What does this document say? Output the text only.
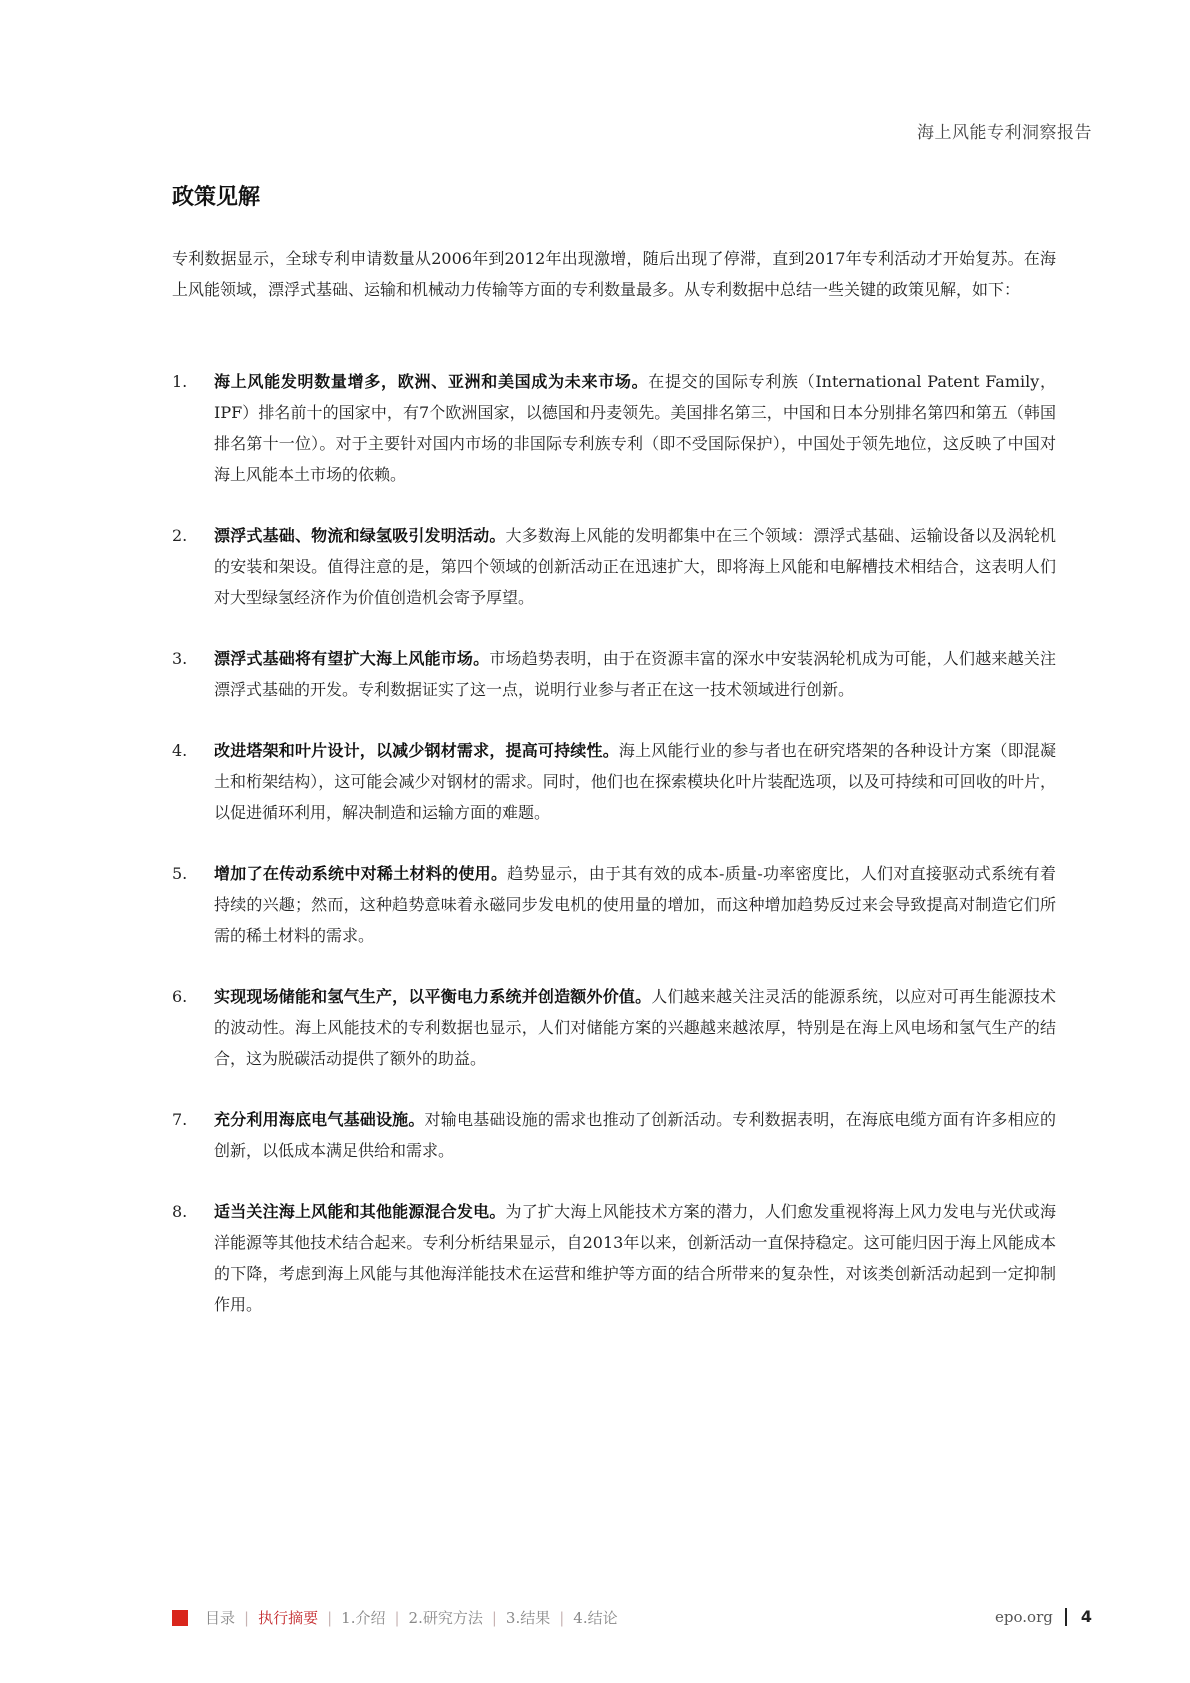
海上风能专利洞察报告
政策见解

专利数据显示，全球专利申请数量从2006年到2012年出现激增，随后出现了停滞，直到2017年专利活动才开始复苏。在海上风能领域，漂浮式基础、运输和机械动力传输等方面的专利数量最多。从专利数据中总结一些关键的政策见解，如下：

1.	海上风能发明数量增多，欧洲、亚洲和美国成为未来市场。在提交的国际专利族（International Patent Family，IPF）排名前十的国家中，有7个欧洲国家，以德国和丹麦领先。美国排名第三，中国和日本分别排名第四和第五（韩国排名第十一位）。对于主要针对国内市场的非国际专利族专利（即不受国际保护），中国处于领先地位，这反映了中国对海上风能本土市场的依赖。
2.	漂浮式基础、物流和绿氢吸引发明活动。大多数海上风能的发明都集中在三个领域：漂浮式基础、运输设备以及涡轮机的安装和架设。值得注意的是，第四个领域的创新活动正在迅速扩大，即将海上风能和电解槽技术相结合，这表明人们对大型绿氢经济作为价值创造机会寄予厚望。
3.	漂浮式基础将有望扩大海上风能市场。市场趋势表明，由于在资源丰富的深水中安装涡轮机成为可能，人们越来越关注漂浮式基础的开发。专利数据证实了这一点，说明行业参与者正在这一技术领域进行创新。
4.	改进塔架和叶片设计，以减少钢材需求，提高可持续性。海上风能行业的参与者也在研究塔架的各种设计方案（即混凝土和桁架结构），这可能会减少对钢材的需求。同时，他们也在探索模块化叶片装配选项，以及可持续和可回收的叶片，以促进循环利用，解决制造和运输方面的难题。
5.	增加了在传动系统中对稀土材料的使用。趋势显示，由于其有效的成本-质量-功率密度比，人们对直接驱动式系统有着持续的兴趣；然而，这种趋势意味着永磁同步发电机的使用量的增加，而这种增加趋势反过来会导致提高对制造它们所需的稀土材料的需求。
6.	实现现场储能和氢气生产，以平衡电力系统并创造额外价值。人们越来越关注灵活的能源系统，以应对可再生能源技术的波动性。海上风能技术的专利数据也显示，人们对储能方案的兴趣越来越浓厚，特别是在海上风电场和氢气生产的结合，这为脱碳活动提供了额外的助益。
7.	充分利用海底电气基础设施。对输电基础设施的需求也推动了创新活动。专利数据表明，在海底电缆方面有许多相应的创新，以低成本满足供给和需求。
8.	适当关注海上风能和其他能源混合发电。为了扩大海上风能技术方案的潜力，人们愈发重视将海上风力发电与光伏或海洋能源等其他技术结合起来。专利分析结果显示，自2013年以来，创新活动一直保持稳定。这可能归因于海上风能成本的下降，考虑到海上风能与其他海洋能技术在运营和维护等方面的结合所带来的复杂性，对该类创新活动起到一定抑制作用。
目录 | 执行摘要 | 1.介绍 | 2.研究方法 | 3.结果 | 4.结论	epo.org 4
